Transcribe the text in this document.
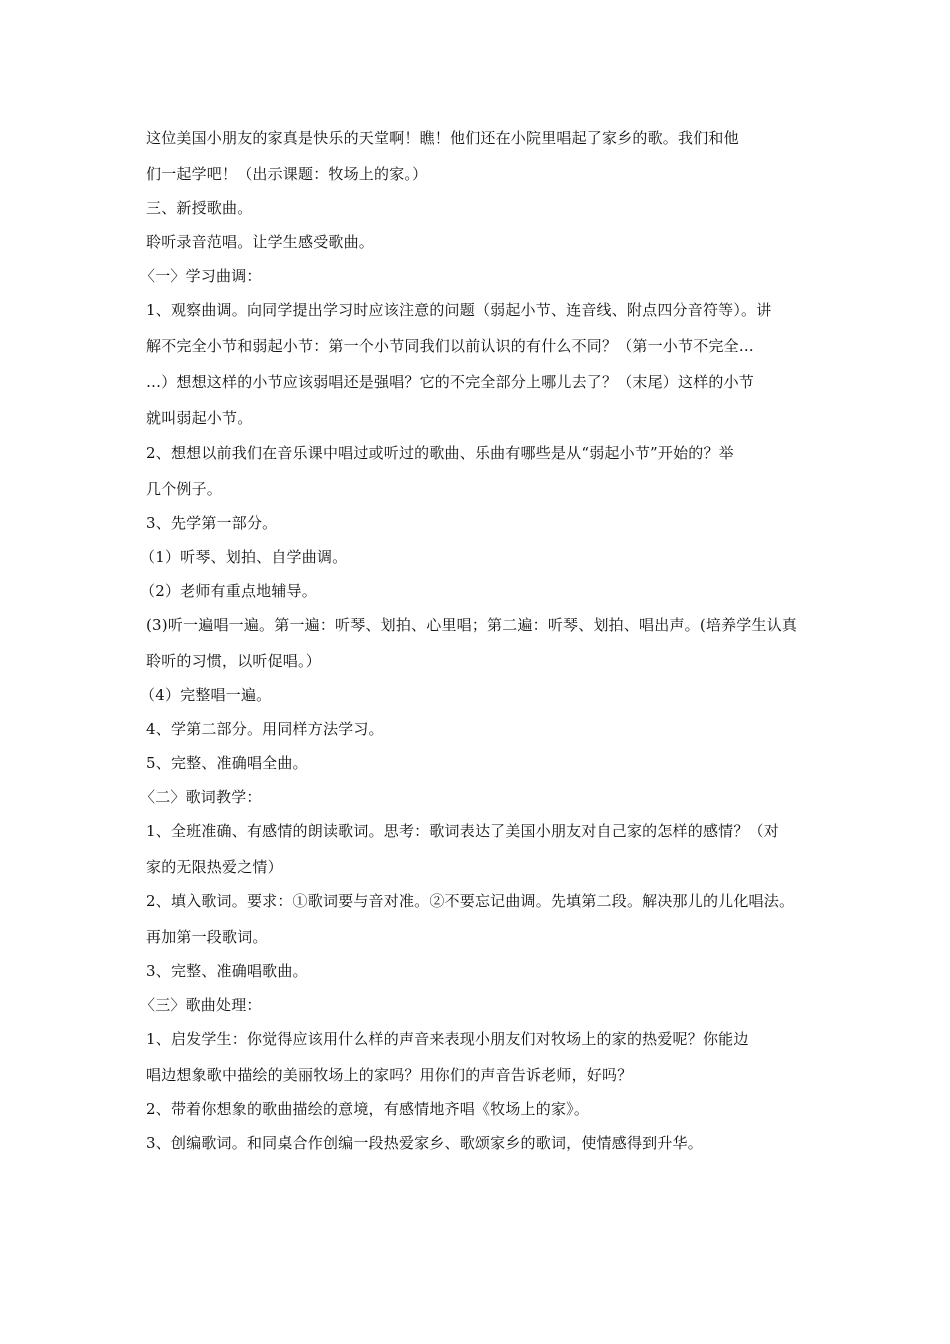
这位美国小朋友的家真是快乐的天堂啊！瞧！他们还在小院里唱起了家乡的歌。我们和他
们一起学吧！（出示课题：牧场上的家。）
三、新授歌曲。
聆听录音范唱。让学生感受歌曲。
〈一〉学习曲调：
1、观察曲调。向同学提出学习时应该注意的问题（弱起小节、连音线、附点四分音符等）。讲
解不完全小节和弱起小节：第一个小节同我们以前认识的有什么不同？（第一小节不完全…
…）想想这样的小节应该弱唱还是强唱？它的不完全部分上哪儿去了？（末尾）这样的小节
就叫弱起小节。
2、想想以前我们在音乐课中唱过或听过的歌曲、乐曲有哪些是从“弱起小节”开始的？举
几个例子。
3、先学第一部分。
（1）听琴、划拍、自学曲调。
（2）老师有重点地辅导。
(3)听一遍唱一遍。第一遍：听琴、划拍、心里唱；第二遍：听琴、划拍、唱出声。(培养学生认真
聆听的习惯，以听促唱。）
（4）完整唱一遍。
4、学第二部分。用同样方法学习。
5、完整、准确唱全曲。
〈二〉歌词教学：
1、全班准确、有感情的朗读歌词。思考：歌词表达了美国小朋友对自己家的怎样的感情？（对
家的无限热爱之情）
2、填入歌词。要求：①歌词要与音对准。②不要忘记曲调。先填第二段。解决那儿的儿化唱法。
再加第一段歌词。
3、完整、准确唱歌曲。
〈三〉歌曲处理：
1、启发学生：你觉得应该用什么样的声音来表现小朋友们对牧场上的家的热爱呢？你能边
唱边想象歌中描绘的美丽牧场上的家吗？用你们的声音告诉老师，好吗？
2、带着你想象的歌曲描绘的意境，有感情地齐唱《牧场上的家》。
3、创编歌词。和同桌合作创编一段热爱家乡、歌颂家乡的歌词，使情感得到升华。
